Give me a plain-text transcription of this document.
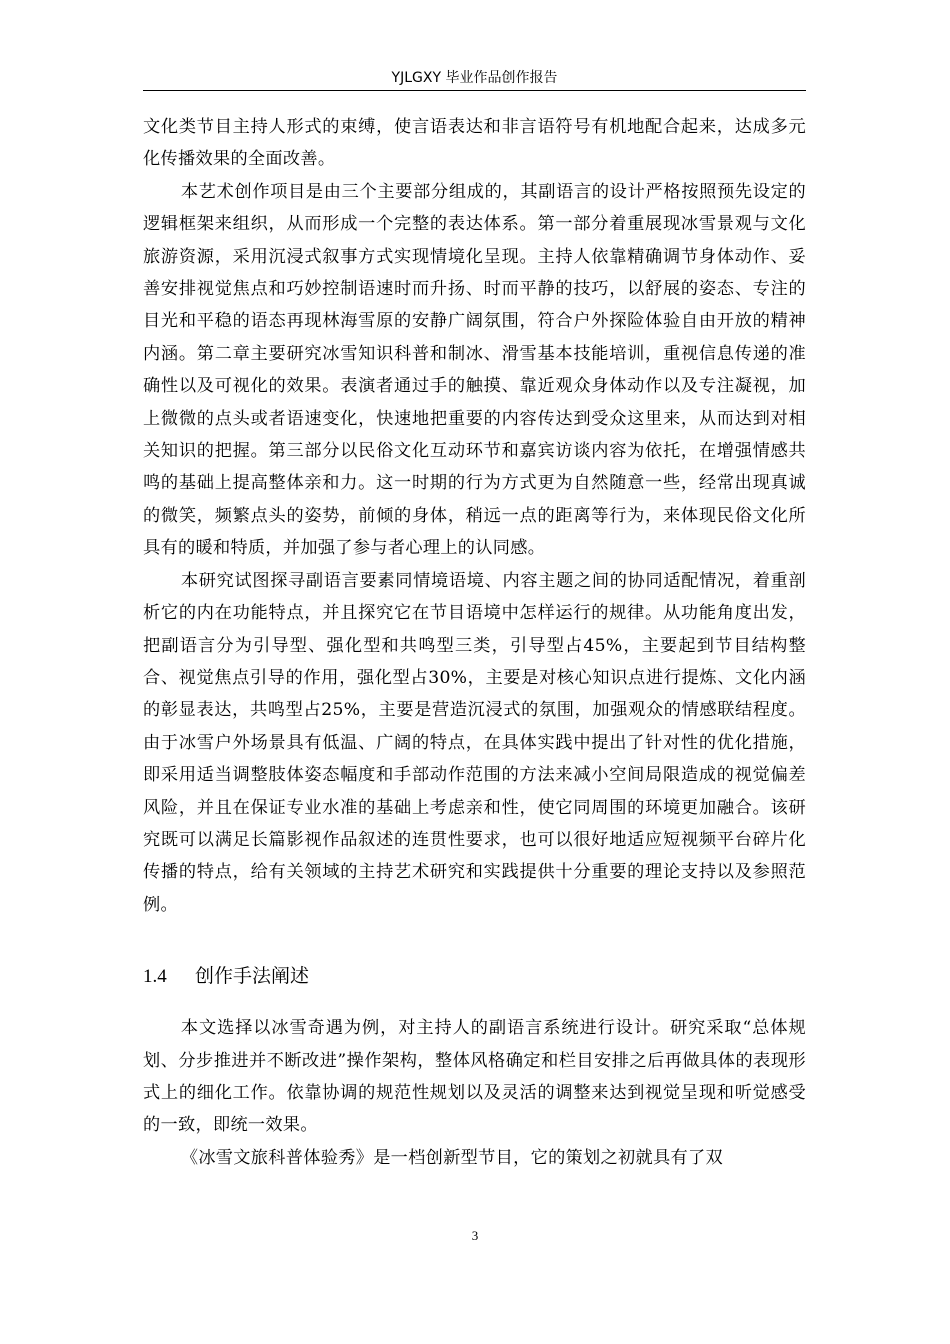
YJLGXY 毕业作品创作报告

文化类节目主持人形式的束缚，使言语表达和非言语符号有机地配合起来，达成多元化传播效果的全面改善。

本艺术创作项目是由三个主要部分组成的，其副语言的设计严格按照预先设定的逻辑框架来组织，从而形成一个完整的表达体系。第一部分着重展现冰雪景观与文化旅游资源，采用沉浸式叙事方式实现情境化呈现。主持人依靠精确调节身体动作、妥善安排视觉焦点和巧妙控制语速时而升扬、时而平静的技巧，以舒展的姿态、专注的目光和平稳的语态再现林海雪原的安静广阔氛围，符合户外探险体验自由开放的精神内涵。第二章主要研究冰雪知识科普和制冰、滑雪基本技能培训，重视信息传递的准确性以及可视化的效果。表演者通过手的触摸、靠近观众身体动作以及专注凝视，加上微微的点头或者语速变化，快速地把重要的内容传达到受众这里来，从而达到对相关知识的把握。第三部分以民俗文化互动环节和嘉宾访谈内容为依托，在增强情感共鸣的基础上提高整体亲和力。这一时期的行为方式更为自然随意一些，经常出现真诚的微笑，频繁点头的姿势，前倾的身体，稍远一点的距离等行为，来体现民俗文化所具有的暖和特质，并加强了参与者心理上的认同感。

本研究试图探寻副语言要素同情境语境、内容主题之间的协同适配情况，着重剖析它的内在功能特点，并且探究它在节目语境中怎样运行的规律。从功能角度出发，把副语言分为引导型、强化型和共鸣型三类，引导型占45%，主要起到节目结构整合、视觉焦点引导的作用，强化型占30%，主要是对核心知识点进行提炼、文化内涵的彰显表达，共鸣型占25%，主要是营造沉浸式的氛围，加强观众的情感联结程度。由于冰雪户外场景具有低温、广阔的特点，在具体实践中提出了针对性的优化措施，即采用适当调整肢体姿态幅度和手部动作范围的方法来减小空间局限造成的视觉偏差风险，并且在保证专业水准的基础上考虑亲和性，使它同周围的环境更加融合。该研究既可以满足长篇影视作品叙述的连贯性要求，也可以很好地适应短视频平台碎片化传播的特点，给有关领域的主持艺术研究和实践提供十分重要的理论支持以及参照范例。

1.4 创作手法阐述

本文选择以冰雪奇遇为例，对主持人的副语言系统进行设计。研究采取“总体规划、分步推进并不断改进”操作架构，整体风格确定和栏目安排之后再做具体的表现形式上的细化工作。依靠协调的规范性规划以及灵活的调整来达到视觉呈现和听觉感受的一致，即统一效果。

《冰雪文旅科普体验秀》是一档创新型节目，它的策划之初就具有了双

3
